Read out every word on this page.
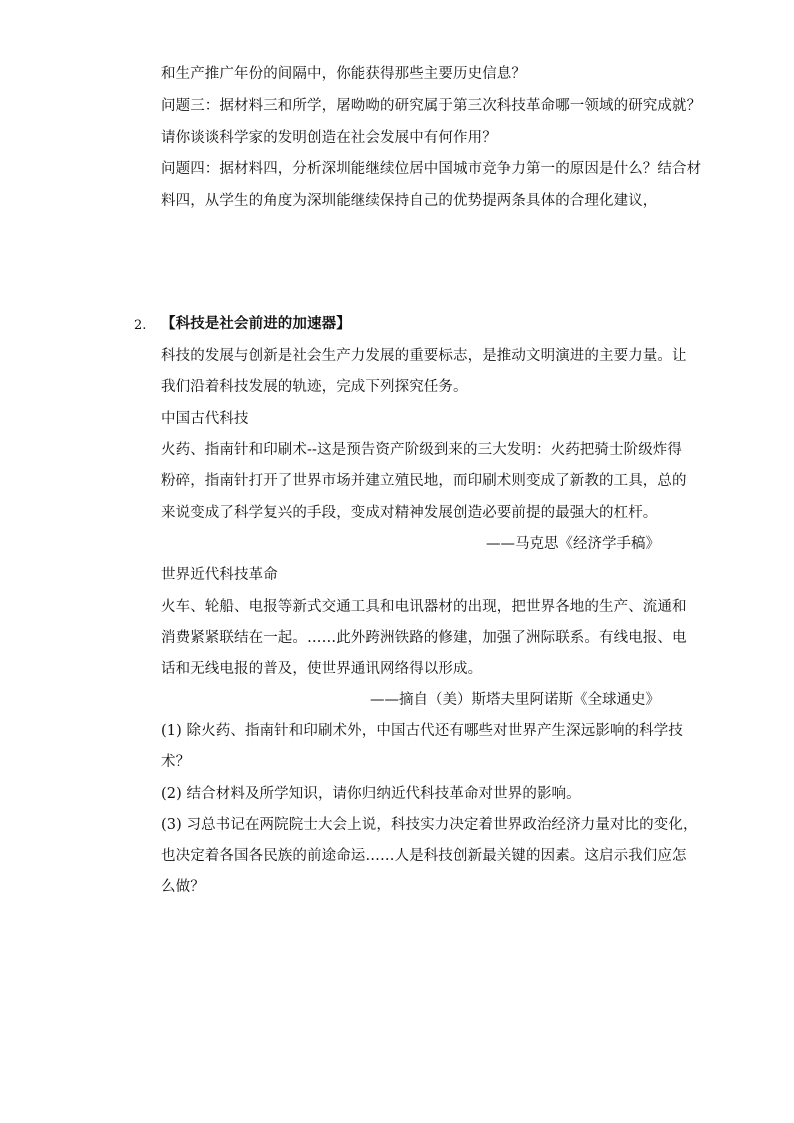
和生产推广年份的间隔中，你能获得那些主要历史信息？
问题三：据材料三和所学，屠呦呦的研究属于第三次科技革命哪一领域的研究成就？
请你谈谈科学家的发明创造在社会发展中有何作用？
问题四：据材料四，分析深圳能继续位居中国城市竞争力第一的原因是什么？结合材
料四，从学生的角度为深圳能继续保持自己的优势提两条具体的合理化建议，
2. 【科技是社会前进的加速器】
科技的发展与创新是社会生产力发展的重要标志，是推动文明演进的主要力量。让
我们沿着科技发展的轨迹，完成下列探究任务。
中国古代科技
火药、指南针和印刷术--这是预告资产阶级到来的三大发明：火药把骑士阶级炸得
粉碎，指南针打开了世界市场并建立殖民地，而印刷术则变成了新教的工具，总的
来说变成了科学复兴的手段，变成对精神发展创造必要前提的最强大的杠杆。
——马克思《经济学手稿》
世界近代科技革命
火车、轮船、电报等新式交通工具和电讯器材的出现，把世界各地的生产、流通和
消费紧紧联结在一起。……此外跨洲铁路的修建，加强了洲际联系。有线电报、电
话和无线电报的普及，使世界通讯网络得以形成。
——摘自（美）斯塔夫里阿诺斯《全球通史》
(1) 除火药、指南针和印刷术外，中国古代还有哪些对世界产生深远影响的科学技
术？
(2) 结合材料及所学知识，请你归纳近代科技革命对世界的影响。
(3) 习总书记在两院院士大会上说，科技实力决定着世界政治经济力量对比的变化，
也决定着各国各民族的前途命运……人是科技创新最关键的因素。这启示我们应怎
么做？
